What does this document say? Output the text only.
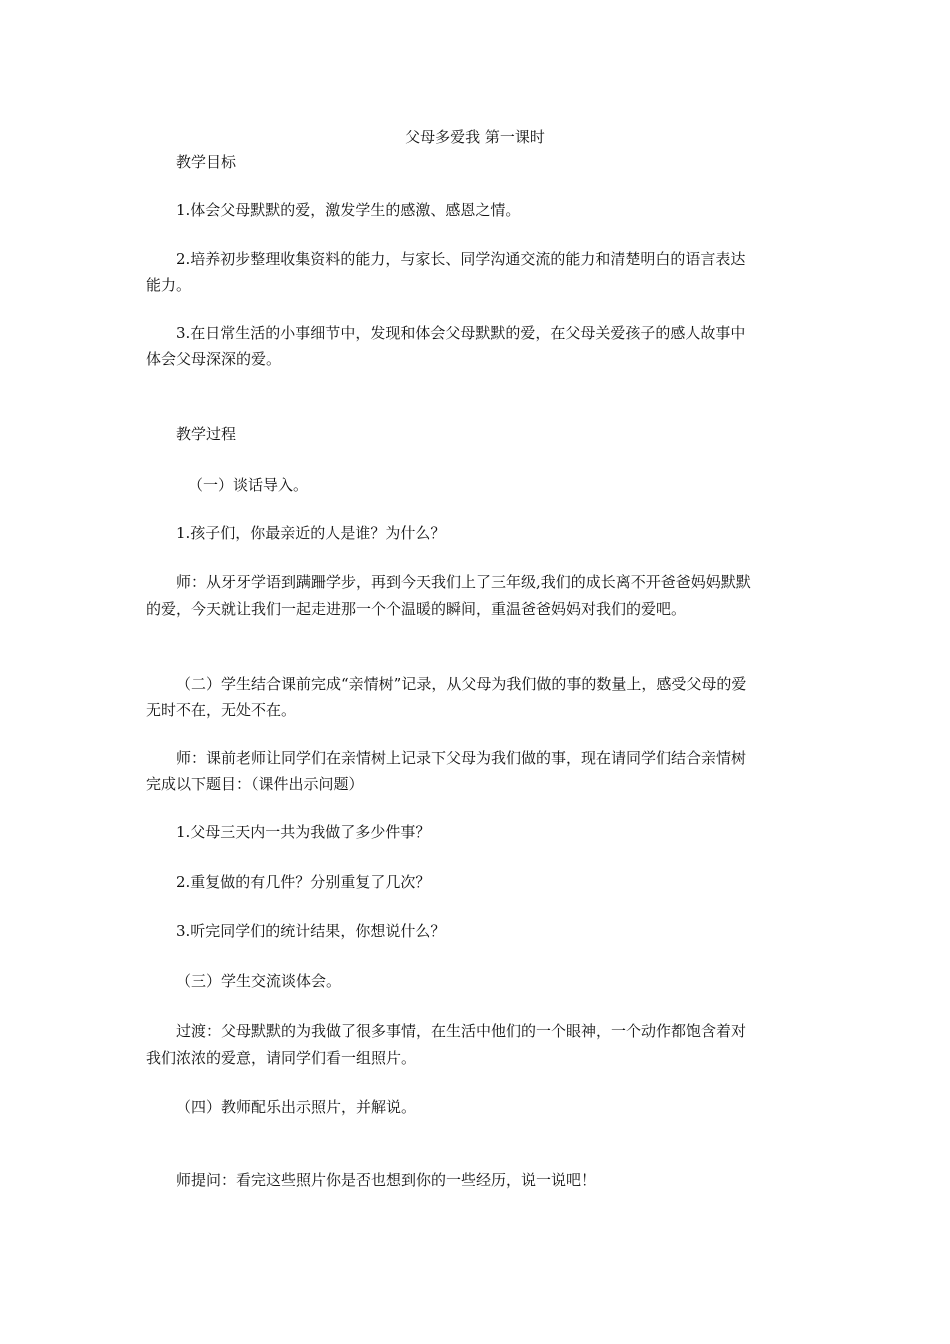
父母多爱我 第一课时
教学目标
1.体会父母默默的爱，激发学生的感激、感恩之情。
2.培养初步整理收集资料的能力，与家长、同学沟通交流的能力和清楚明白的语言表达
能力。
3.在日常生活的小事细节中，发现和体会父母默默的爱，在父母关爱孩子的感人故事中
体会父母深深的爱。
教学过程
（一）谈话导入。
1.孩子们，你最亲近的人是谁？为什么？
师：从牙牙学语到蹒跚学步，再到今天我们上了三年级,我们的成长离不开爸爸妈妈默默
的爱，今天就让我们一起走进那一个个温暖的瞬间，重温爸爸妈妈对我们的爱吧。
（二）学生结合课前完成“亲情树”记录，从父母为我们做的事的数量上，感受父母的爱
无时不在，无处不在。
师：课前老师让同学们在亲情树上记录下父母为我们做的事，现在请同学们结合亲情树
完成以下题目：（课件出示问题）
1.父母三天内一共为我做了多少件事？
2.重复做的有几件？分别重复了几次？
3.听完同学们的统计结果，你想说什么？
（三）学生交流谈体会。
过渡：父母默默的为我做了很多事情，在生活中他们的一个眼神，一个动作都饱含着对
我们浓浓的爱意，请同学们看一组照片。
（四）教师配乐出示照片，并解说。
师提问：看完这些照片你是否也想到你的一些经历，说一说吧！
